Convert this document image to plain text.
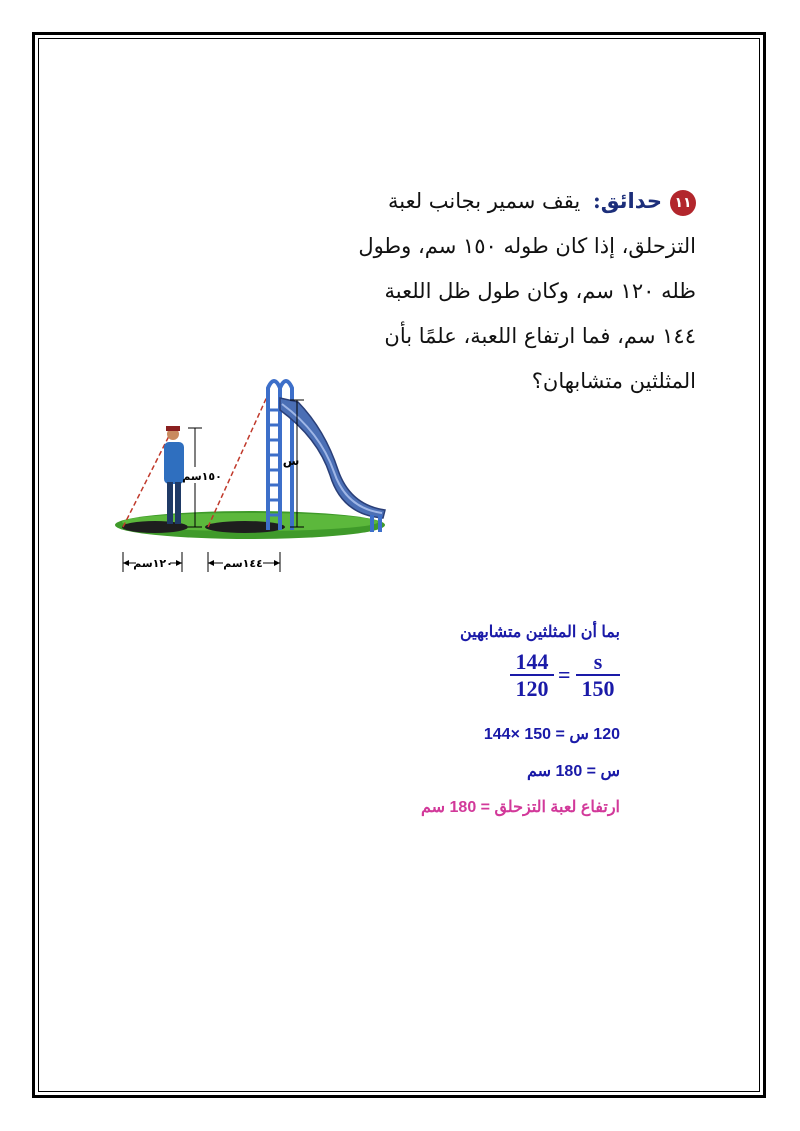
١١حدائق: يقف سمير بجانب لعبة
التزحلق، إذا كان طوله ١٥٠ سم، وطول
ظله ١٢٠ سم، وكان طول ظل اللعبة
١٤٤ سم، فما ارتفاع اللعبة، علمًا بأن
المثلثين متشابهان؟
١٥٠سم
س
١٢٠سم	١٤٤سم
بما أن المثلثين متشابهين
$\frac{144}{120} = \frac{s}{150}$
120 س = 150 ×144
س = 180 سم
ارتفاع لعبة التزحلق = 180 سم
